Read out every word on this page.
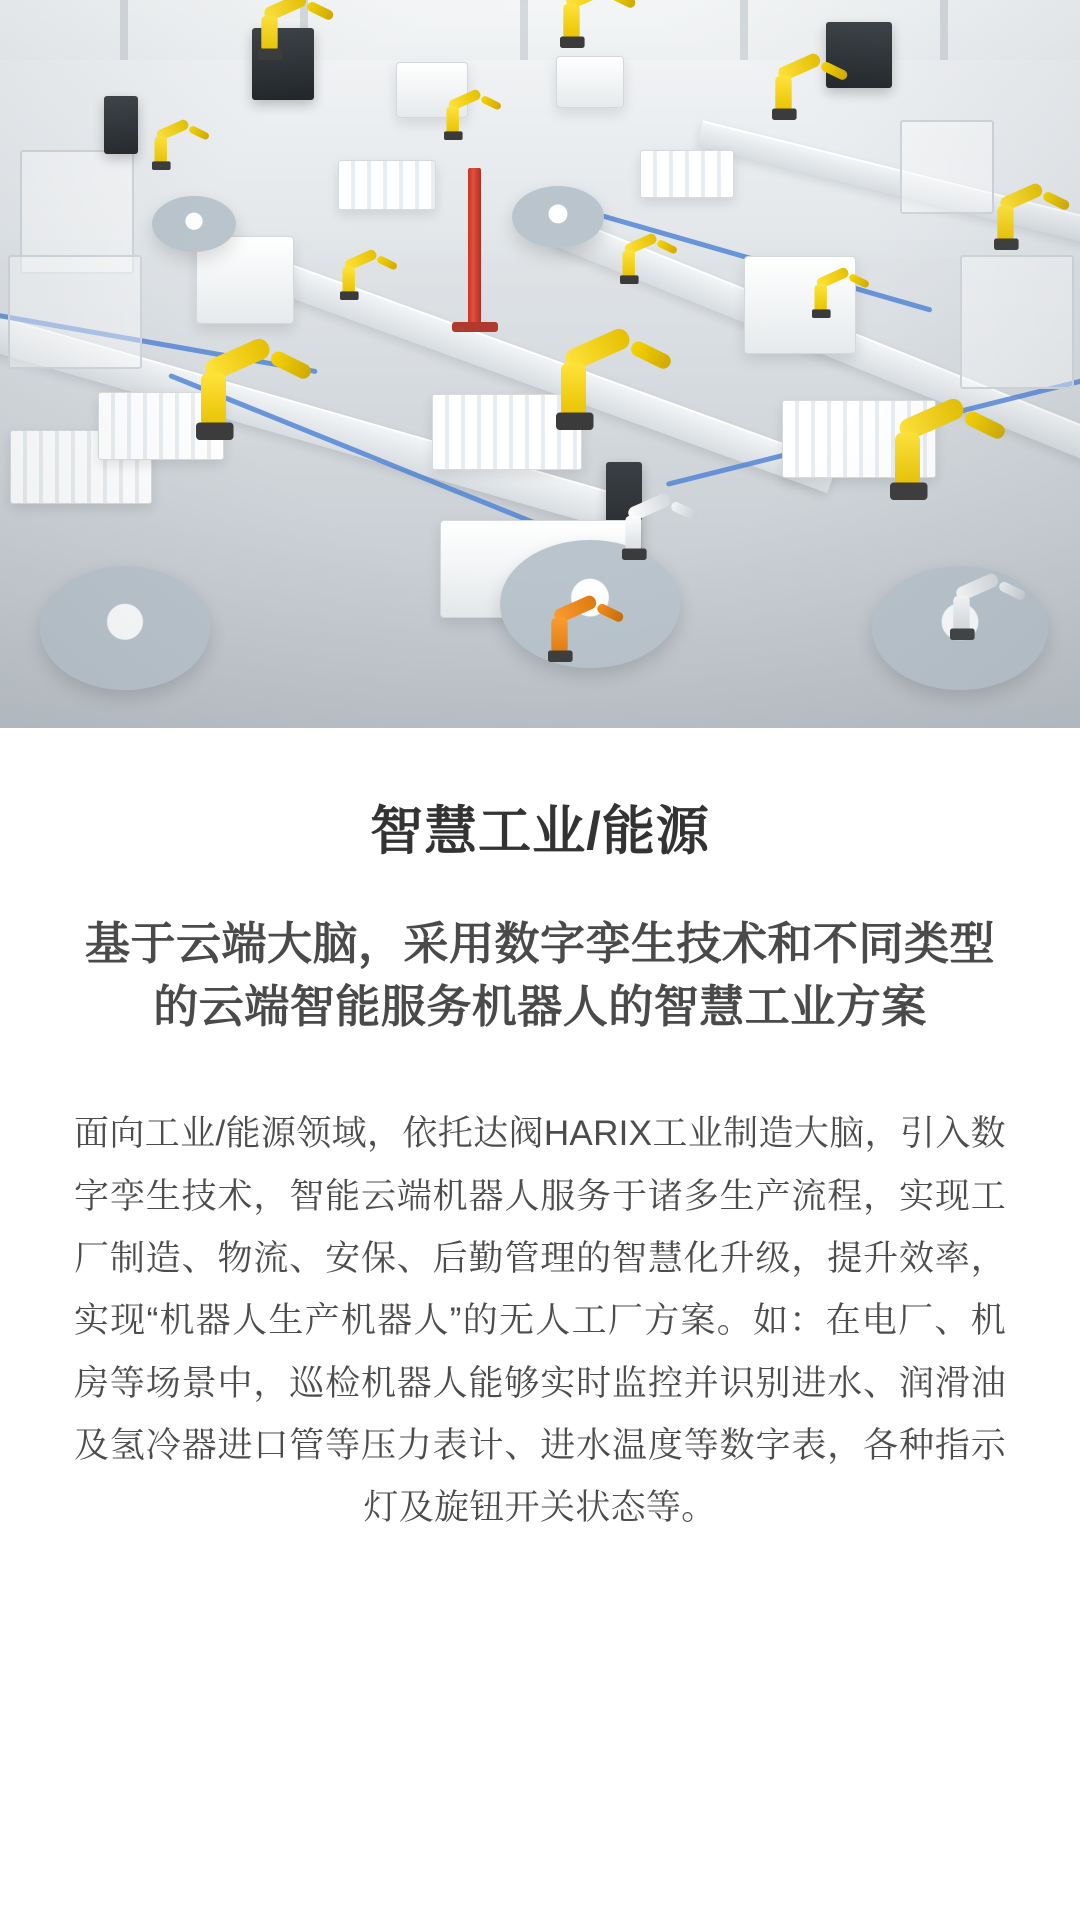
智慧工业/能源
基于云端大脑，采用数字孪生技术和不同类型的云端智能服务机器人的智慧工业方案

面向工业/能源领域，依托达阀HARIX工业制造大脑，引入数字孪生技术，智能云端机器人服务于诸多生产流程，实现工厂制造、物流、安保、后勤管理的智慧化升级，提升效率，实现“机器人生产机器人”的无人工厂方案。如：在电厂、机房等场景中，巡检机器人能够实时监控并识别进水、润滑油及氢冷器进口管等压力表计、进水温度等数字表，各种指示灯及旋钮开关状态等。
